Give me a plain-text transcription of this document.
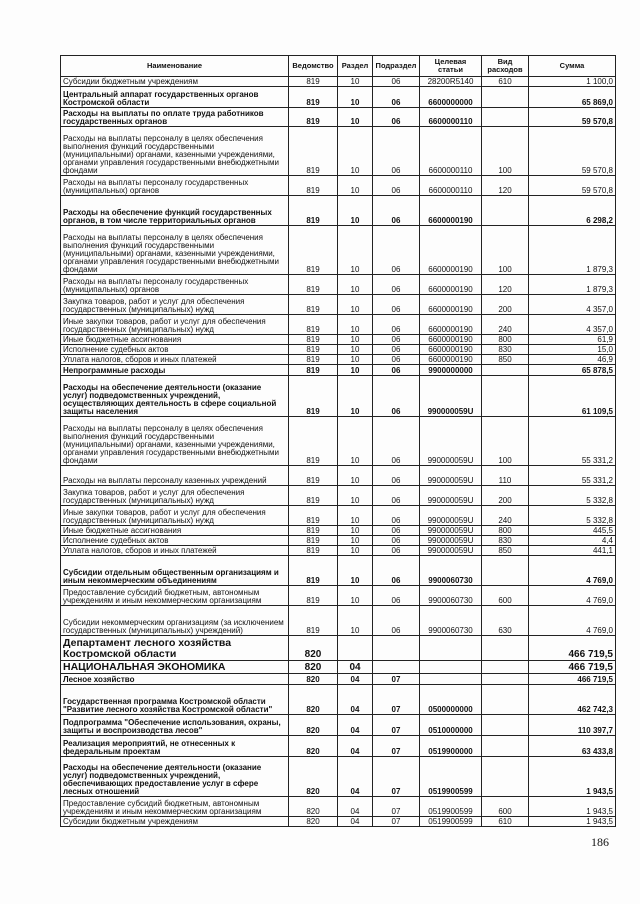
Наименование	Ведомство	Раздел	Подраздел	Целевая статьи	Вид расходов	Сумма
Субсидии бюджетным учреждениям	819	10	06	28200R5140	610	1 100,0
Центральный аппарат государственных органов Костромской области	819	10	06	6600000000		65 869,0
Расходы на выплаты по оплате труда работников государственных органов	819	10	06	6600000110		59 570,8
Расходы на выплаты персоналу в целях обеспечения выполнения функций государственными (муниципальными) органами, казенными учреждениями, органами управления государственными внебюджетными фондами	819	10	06	6600000110	100	59 570,8
Расходы на выплаты персоналу государственных (муниципальных) органов	819	10	06	6600000110	120	59 570,8
Расходы на обеспечение функций государственных органов, в том числе территориальных органов	819	10	06	6600000190		6 298,2
Расходы на выплаты персоналу в целях обеспечения выполнения функций государственными (муниципальными) органами, казенными учреждениями, органами управления государственными внебюджетными фондами	819	10	06	6600000190	100	1 879,3
Расходы на выплаты персоналу государственных (муниципальных) органов	819	10	06	6600000190	120	1 879,3
Закупка товаров, работ и услуг для обеспечения государственных (муниципальных) нужд	819	10	06	6600000190	200	4 357,0
Иные закупки товаров, работ и услуг для обеспечения государственных (муниципальных) нужд	819	10	06	6600000190	240	4 357,0
Иные бюджетные ассигнования	819	10	06	6600000190	800	61,9
Исполнение судебных актов	819	10	06	6600000190	830	15,0
Уплата налогов, сборов и иных платежей	819	10	06	6600000190	850	46,9
Непрограммные расходы	819	10	06	9900000000		65 878,5
Расходы на обеспечение деятельности (оказание услуг) подведомственных учреждений, осуществляющих деятельность в сфере социальной защиты населения	819	10	06	990000059U		61 109,5
Расходы на выплаты персоналу в целях обеспечения выполнения функций государственными (муниципальными) органами, казенными учреждениями, органами управления государственными внебюджетными фондами	819	10	06	990000059U	100	55 331,2
Расходы на выплаты персоналу казенных учреждений	819	10	06	990000059U	110	55 331,2
Закупка товаров, работ и услуг для обеспечения государственных (муниципальных) нужд	819	10	06	990000059U	200	5 332,8
Иные закупки товаров, работ и услуг для обеспечения государственных (муниципальных) нужд	819	10	06	990000059U	240	5 332,8
Иные бюджетные ассигнования	819	10	06	990000059U	800	445,5
Исполнение судебных актов	819	10	06	990000059U	830	4,4
Уплата налогов, сборов и иных платежей	819	10	06	990000059U	850	441,1
Субсидии отдельным общественным организациям и иным некоммерческим объединениям	819	10	06	9900060730		4 769,0
Предоставление субсидий бюджетным, автономным учреждениям и иным некоммерческим организациям	819	10	06	9900060730	600	4 769,0
Субсидии некоммерческим организациям (за исключением государственных (муниципальных) учреждений)	819	10	06	9900060730	630	4 769,0
Департамент лесного хозяйства Костромской области	820					466 719,5
НАЦИОНАЛЬНАЯ ЭКОНОМИКА	820	04				466 719,5
Лесное хозяйство	820	04	07			466 719,5
Государственная программа Костромской области "Развитие лесного хозяйства Костромской области"	820	04	07	0500000000		462 742,3
Подпрограмма "Обеспечение использования, охраны, защиты и воспроизводства лесов"	820	04	07	0510000000		110 397,7
Реализация мероприятий, не отнесенных к федеральным проектам	820	04	07	0519900000		63 433,8
Расходы на обеспечение деятельности (оказание услуг) подведомственных учреждений, обеспечивающих предоставление услуг в сфере лесных отношений	820	04	07	0519900599		1 943,5
Предоставление субсидий бюджетным, автономным учреждениям и иным некоммерческим организациям	820	04	07	0519900599	600	1 943,5
Субсидии бюджетным учреждениям	820	04	07	0519900599	610	1 943,5
186
